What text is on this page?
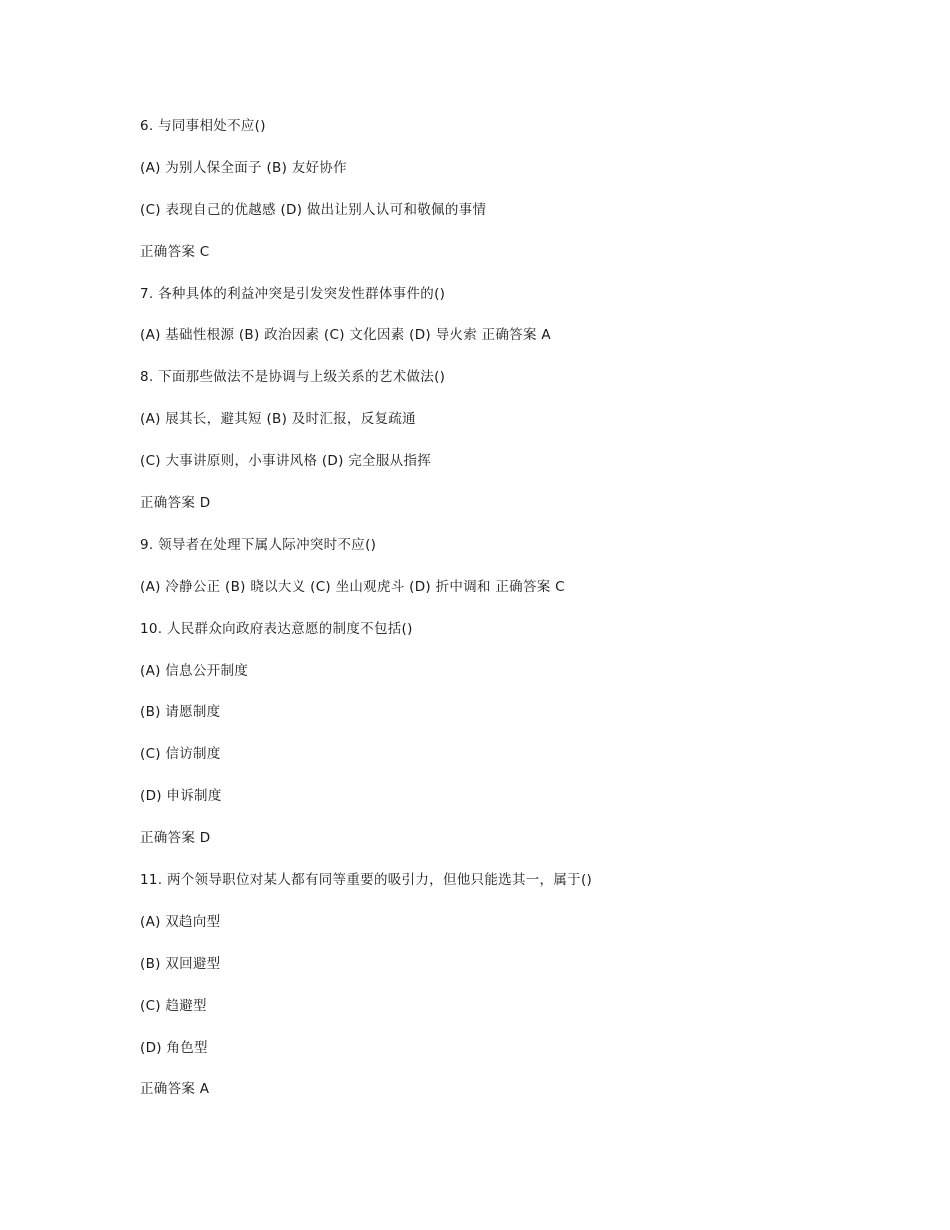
6. 与同事相处不应()
(A) 为别人保全面子 (B) 友好协作
(C) 表现自己的优越感 (D) 做出让别人认可和敬佩的事情
正确答案 C
7. 各种具体的利益冲突是引发突发性群体事件的()
(A) 基础性根源 (B) 政治因素 (C) 文化因素 (D) 导火索 正确答案 A
8. 下面那些做法不是协调与上级关系的艺术做法()
(A) 展其长，避其短 (B) 及时汇报，反复疏通
(C) 大事讲原则，小事讲风格 (D) 完全服从指挥
正确答案 D
9. 领导者在处理下属人际冲突时不应()
(A) 冷静公正 (B) 晓以大义 (C) 坐山观虎斗 (D) 折中调和 正确答案 C
10. 人民群众向政府表达意愿的制度不包括()
(A) 信息公开制度
(B) 请愿制度
(C) 信访制度
(D) 申诉制度
正确答案 D
11. 两个领导职位对某人都有同等重要的吸引力，但他只能选其一，属于()
(A) 双趋向型
(B) 双回避型
(C) 趋避型
(D) 角色型
正确答案 A
